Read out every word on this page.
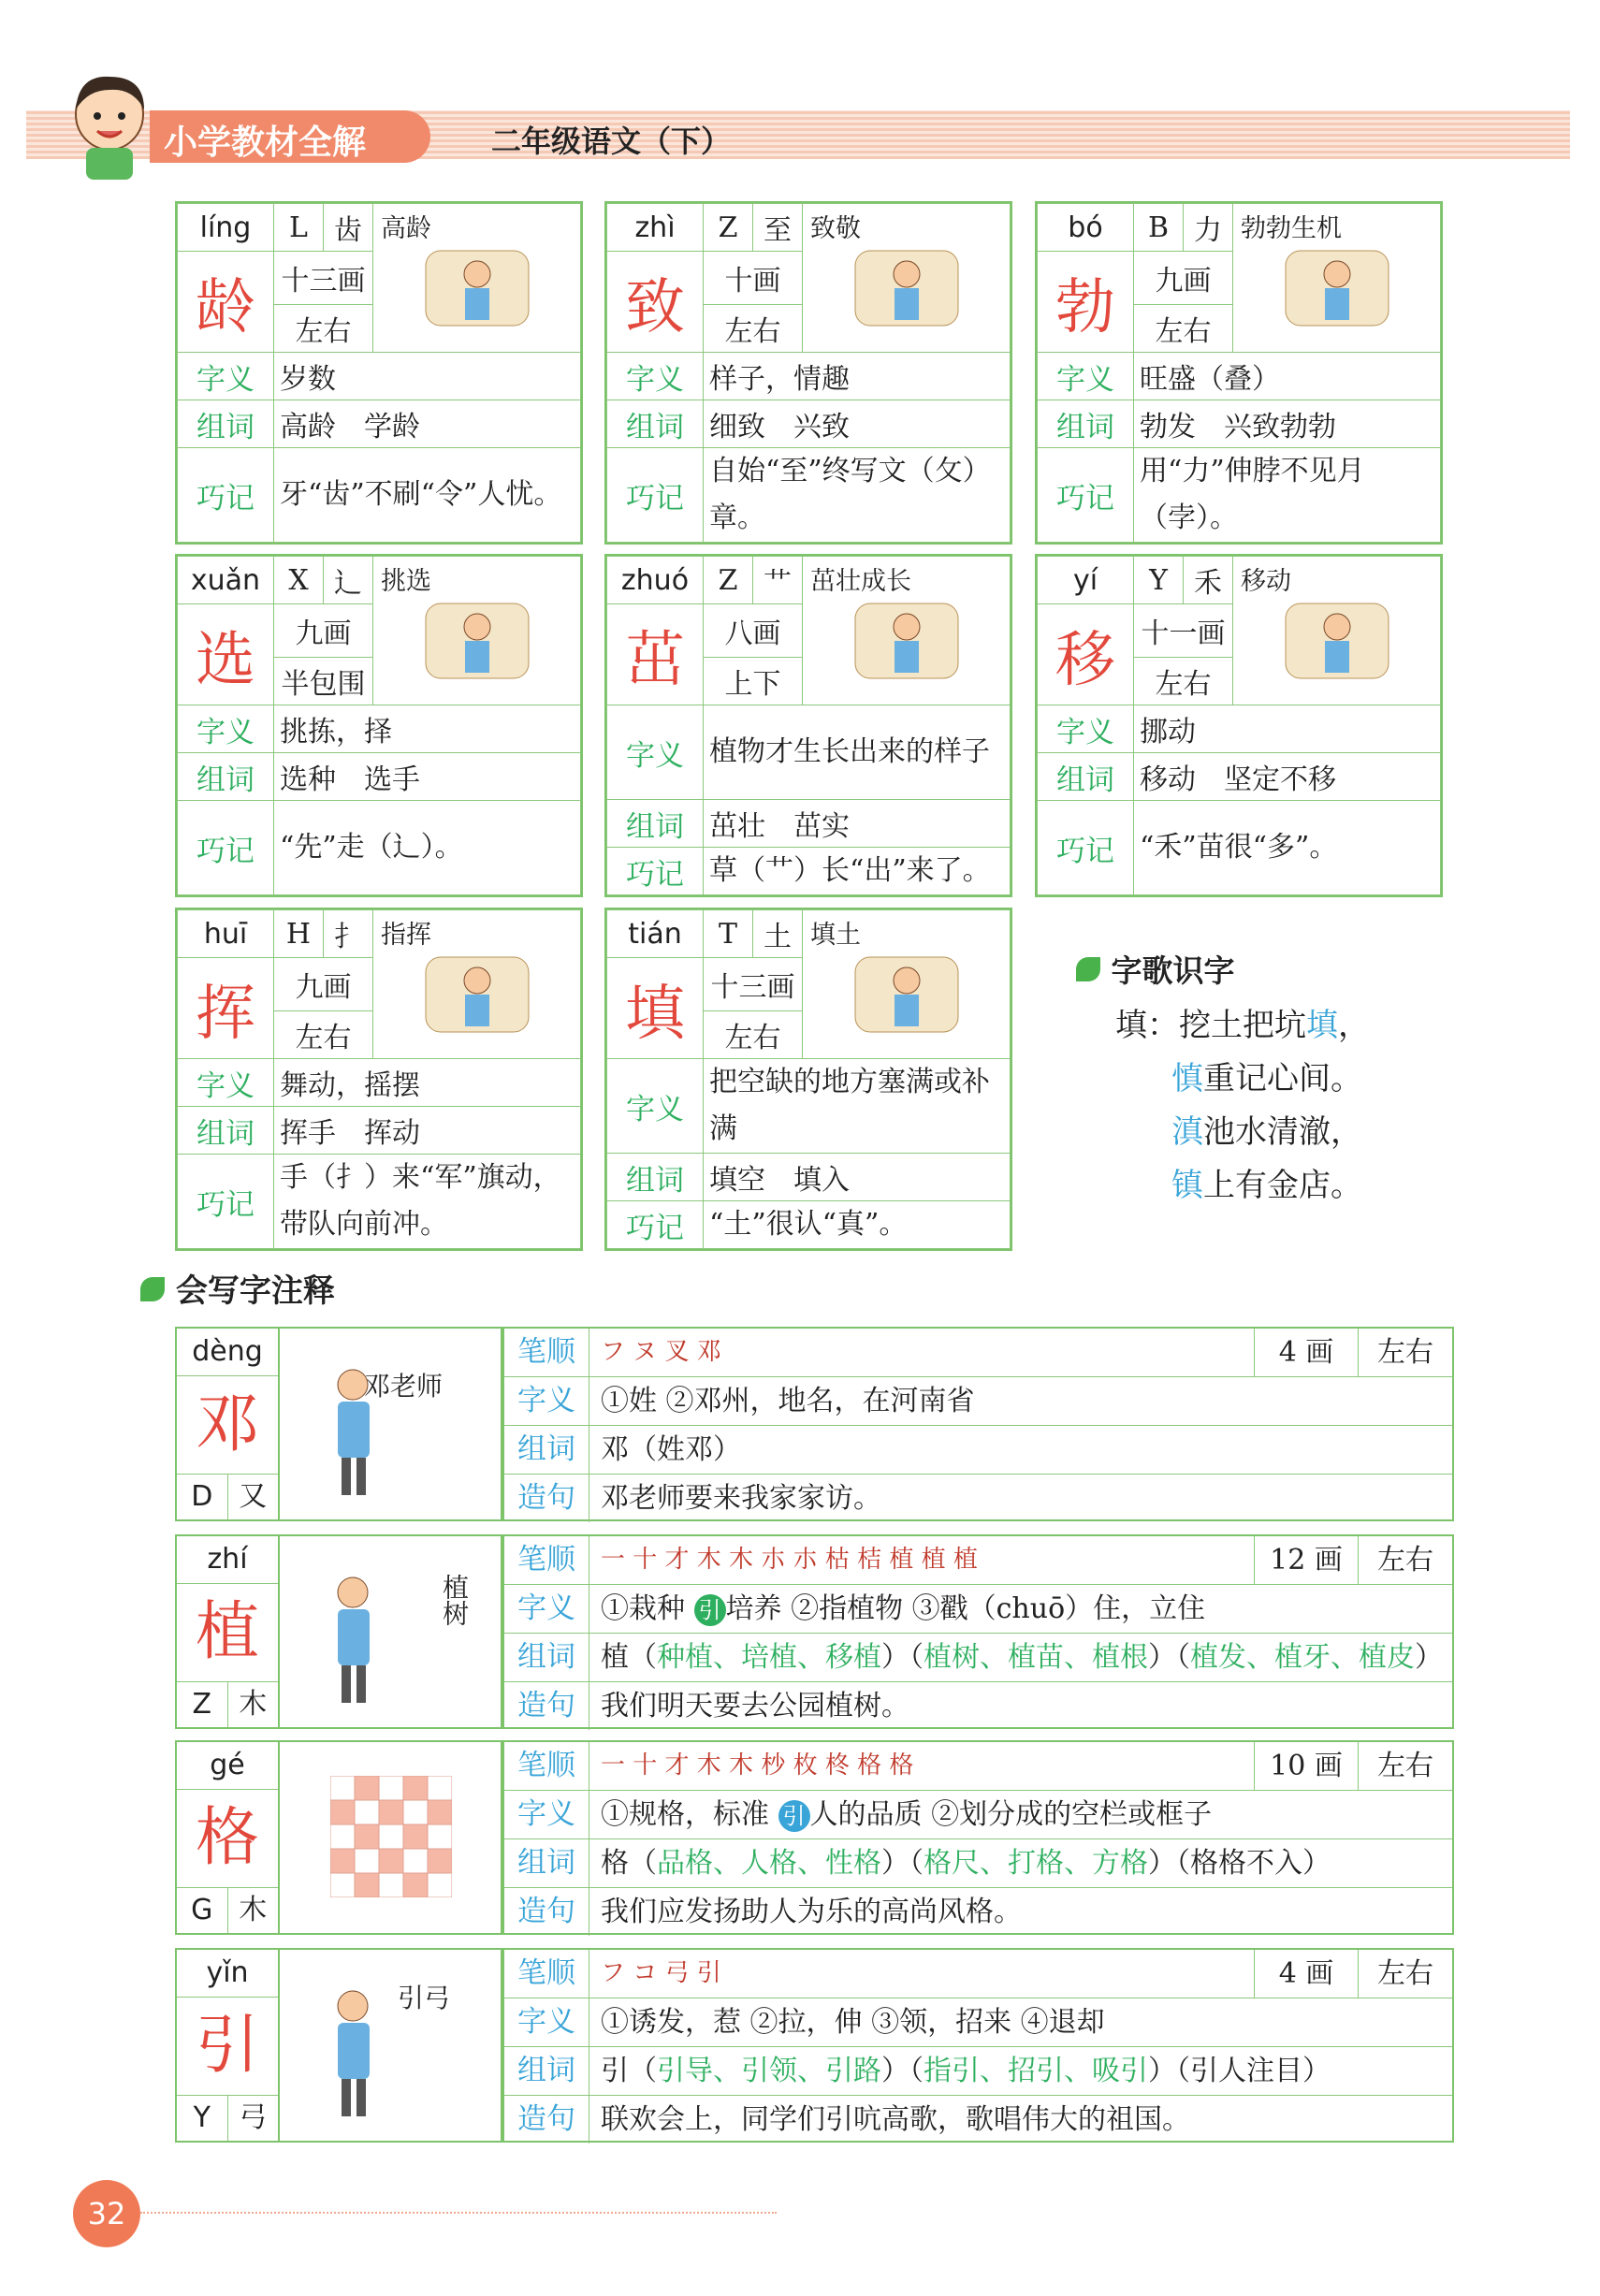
小学教材全解	二年级语文（下）
líng	L	齿	高龄

龄	十三画		
	左右		
字义	岁数		
组词	高龄　学龄		
巧记	牙“齿”不刷“令”人忧。		
zhì	Z	至	致敬

致	十画		
	左右		
字义	样子，情趣		
组词	细致　兴致		
巧记	自始“至”终写文（攵）章。		
bó	B	力	勃勃生机

勃	九画		
	左右		
字义	旺盛（叠）		
组词	勃发　兴致勃勃		
巧记	用“力”伸脖不见月（孛）。		
xuǎn	X	辶	挑选

选	九画		
	半包围		
字义	挑拣，择		
组词	选种　选手		
巧记	“先”走（辶）。		
zhuó	Z	艹	茁壮成长

茁	八画		
	上下		
字义	植物才生长出来的样子		
组词	茁壮　茁实		
巧记	草（艹）长“出”来了。		
yí	Y	禾	移动

移	十一画		
	左右		
字义	挪动		
组词	移动　坚定不移		
巧记	“禾”苗很“多”。		
huī	H	扌	指挥

挥	九画		
	左右		
字义	舞动，摇摆		
组词	挥手　挥动		
巧记	手（扌）来“军”旗动，带队向前冲。		
tián	T	土	填土

填	十三画		
	左右		
字义	把空缺的地方塞满或补满		
组词	填空　填入		
巧记	“土”很认“真”。		
字歌识字
填：挖土把坑填，
慎重记心间。
滇池水清澈，
镇上有金店。
会写字注释
dèng
邓
D 又
邓老师
笔顺	フ ヌ 叉 邓	4 画	左右
字义 ①姓 ②邓州，地名，在河南省
组词 邓（姓邓）
造句 邓老师要来我家家访。
zhí
植
Z 木
植树
笔顺	一 十 才 木 木 朩 朩 枯 桔 植 植 植	12 画	左右
字义 ①栽种 引 培养 ②指植物 ③戳（chuō）住，立住
组词 植（种植、培植、移植）（植树、植苗、植根）（植发、植牙、植皮）
造句 我们明天要去公园植树。
gé
格
G 木
笔顺	一 十 才 木 木 杪 枚 柊 格 格	10 画	左右
字义 ①规格，标准 引 人的品质 ②划分成的空栏或框子
组词 格（品格、人格、性格）（格尺、打格、方格）（格格不入）
造句 我们应发扬助人为乐的高尚风格。
yǐn
引
Y	弓
引弓
笔顺	フ コ 弓 引	4 画	左右
字义 ①诱发，惹 ②拉，伸 ③领，招来 ④退却
组词 引（引导、引领、引路）（指引、招引、吸引）（引人注目）
造句 联欢会上，同学们引吭高歌，歌唱伟大的祖国。
32
